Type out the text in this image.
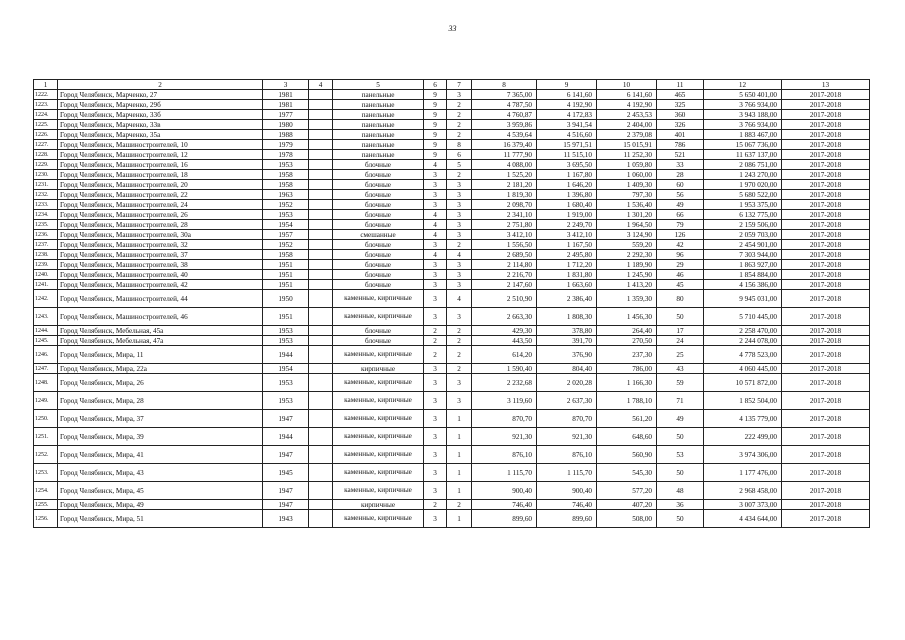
33
1	2	3	4	5	6	7	8	9	10	11	12	13
1222.	Город Челябинск, Марченко, 27	1981		панельные	9	3	7 365,00	6 141,60	6 141,60	465	5 650 401,00	2017-2018
1223.	Город Челябинск, Марченко, 29б	1981		панельные	9	2	4 787,50	4 192,90	4 192,90	325	3 766 934,00	2017-2018
1224.	Город Челябинск, Марченко, 33б	1977		панельные	9	2	4 760,87	4 172,83	2 453,53	360	3 943 188,00	2017-2018
1225.	Город Челябинск, Марченко, 33в	1980		панельные	9	2	3 959,86	3 941,54	2 404,00	326	3 766 934,00	2017-2018
1226.	Город Челябинск, Марченко, 35а	1988		панельные	9	2	4 539,64	4 516,60	2 379,08	401	1 883 467,00	2017-2018
1227.	Город Челябинск, Машиностроителей, 10	1979		панельные	9	8	16 379,40	15 971,51	15 015,91	786	15 067 736,00	2017-2018
1228.	Город Челябинск, Машиностроителей, 12	1978		панельные	9	6	11 777,90	11 515,10	11 252,30	521	11 637 137,00	2017-2018
1229.	Город Челябинск, Машиностроителей, 16	1953		блочные	4	5	4 088,00	3 695,50	1 059,80	33	2 086 751,00	2017-2018
1230.	Город Челябинск, Машиностроителей, 18	1958		блочные	3	2	1 525,20	1 167,80	1 060,00	28	1 243 270,00	2017-2018
1231.	Город Челябинск, Машиностроителей, 20	1958		блочные	3	3	2 181,20	1 646,20	1 409,30	60	1 970 020,00	2017-2018
1232.	Город Челябинск, Машиностроителей, 22	1963		блочные	3	3	1 819,30	1 396,80	797,30	56	5 680 522,00	2017-2018
1233.	Город Челябинск, Машиностроителей, 24	1952		блочные	3	3	2 098,70	1 680,40	1 536,40	49	1 953 375,00	2017-2018
1234.	Город Челябинск, Машиностроителей, 26	1953		блочные	4	3	2 341,10	1 919,00	1 301,20	66	6 132 775,00	2017-2018
1235.	Город Челябинск, Машиностроителей, 28	1954		блочные	4	3	2 751,80	2 249,70	1 964,50	79	2 159 506,00	2017-2018
1236.	Город Челябинск, Машиностроителей, 30а	1957		смешанные	4	3	3 412,10	3 412,10	3 124,90	126	2 059 703,00	2017-2018
1237.	Город Челябинск, Машиностроителей, 32	1952		блочные	3	2	1 556,50	1 167,50	559,20	42	2 454 901,00	2017-2018
1238.	Город Челябинск, Машиностроителей, 37	1958		блочные	4	4	2 689,50	2 495,80	2 292,30	96	7 303 944,00	2017-2018
1239.	Город Челябинск, Машиностроителей, 38	1951		блочные	3	3	2 114,80	1 712,20	1 189,90	29	1 863 927,00	2017-2018
1240.	Город Челябинск, Машиностроителей, 40	1951		блочные	3	3	2 216,70	1 831,80	1 245,90	46	1 854 884,00	2017-2018
1241.	Город Челябинск, Машиностроителей, 42	1951		блочные	3	3	2 147,60	1 663,60	1 413,20	45	4 156 386,00	2017-2018
1242.	Город Челябинск, Машиностроителей, 44	1950		каменные, кирпичные	3	4	2 510,90	2 386,40	1 359,30	80	9 945 031,00	2017-2018
1243.	Город Челябинск, Машиностроителей, 46	1951		каменные, кирпичные	3	3	2 663,30	1 808,30	1 456,30	50	5 710 445,00	2017-2018
1244.	Город Челябинск, Мебельная, 45а	1953		блочные	2	2	429,30	378,80	264,40	17	2 258 470,00	2017-2018
1245.	Город Челябинск, Мебельная, 47а	1953		блочные	2	2	443,50	391,70	270,50	24	2 244 078,00	2017-2018
1246.	Город Челябинск, Мира, 11	1944		каменные, кирпичные	2	2	614,20	376,90	237,30	25	4 778 523,00	2017-2018
1247.	Город Челябинск, Мира, 22а	1954		кирпичные	3	2	1 590,40	804,40	786,00	43	4 060 445,00	2017-2018
1248.	Город Челябинск, Мира, 26	1953		каменные, кирпичные	3	3	2 232,68	2 020,28	1 166,30	59	10 571 872,00	2017-2018
1249.	Город Челябинск, Мира, 28	1953		каменные, кирпичные	3	3	3 119,60	2 637,30	1 788,10	71	1 852 504,00	2017-2018
1250.	Город Челябинск, Мира, 37	1947		каменные, кирпичные	3	1	870,70	870,70	561,20	49	4 135 779,00	2017-2018
1251.	Город Челябинск, Мира, 39	1944		каменные, кирпичные	3	1	921,30	921,30	648,60	50	222 499,00	2017-2018
1252.	Город Челябинск, Мира, 41	1947		каменные, кирпичные	3	1	876,10	876,10	560,90	53	3 974 306,00	2017-2018
1253.	Город Челябинск, Мира, 43	1945		каменные, кирпичные	3	1	1 115,70	1 115,70	545,30	50	1 177 476,00	2017-2018
1254.	Город Челябинск, Мира, 45	1947		каменные, кирпичные	3	1	900,40	900,40	577,20	48	2 968 458,00	2017-2018
1255.	Город Челябинск, Мира, 49	1947		кирпичные	2	2	746,40	746,40	407,20	36	3 007 373,00	2017-2018
1256.	Город Челябинск, Мира, 51	1943		каменные, кирпичные	3	1	899,60	899,60	508,00	50	4 434 644,00	2017-2018
